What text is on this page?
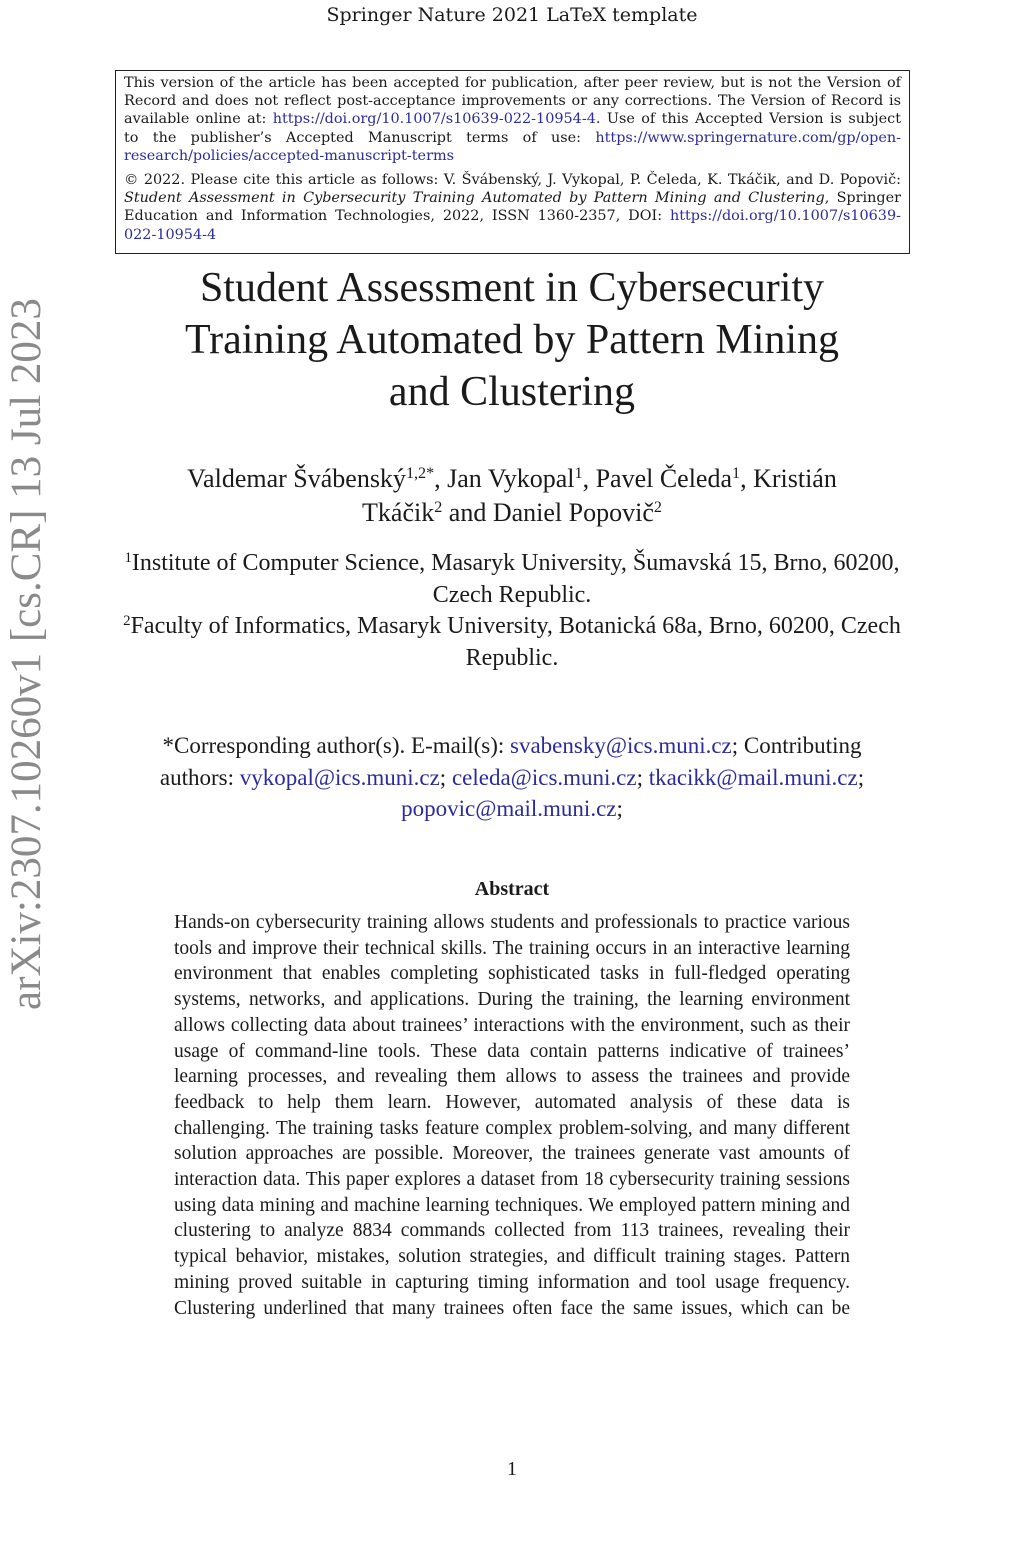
Springer Nature 2021 LaTeX template
arXiv:2307.10260v1 [cs.CR] 13 Jul 2023

This version of the article has been accepted for publication, after peer review, but is not the Version of Record and does not reflect post-acceptance improvements or any corrections. The Version of Record is available online at: https://doi.org/10.1007/s10639-022-10954-4. Use of this Accepted Version is subject to the publisher’s Accepted Manuscript terms of use: https://www.springernature.com/gp/open-research/policies/accepted-manuscript-terms

© 2022. Please cite this article as follows: V. Švábenský, J. Vykopal, P. Čeleda, K. Tkáčik, and D. Popovič: Student Assessment in Cybersecurity Training Automated by Pattern Mining and Clustering, Springer Education and Information Technologies, 2022, ISSN 1360-2357, DOI: https://doi.org/10.1007/s10639-022-10954-4

Student Assessment in Cybersecurity Training Automated by Pattern Mining and Clustering
Valdemar Švábenský$^{1,2*}$, Jan Vykopal$^1$, Pavel Čeleda$^1$, Kristián Tkáčik$^2$ and Daniel Popovič$^2$
$^1$Institute of Computer Science, Masaryk University, Šumavská 15, Brno, 60200, Czech Republic.
$^2$Faculty of Informatics, Masaryk University, Botanická 68a, Brno, 60200, Czech Republic.
*Corresponding author(s). E-mail(s): svabensky@ics.muni.cz; Contributing authors: vykopal@ics.muni.cz; celeda@ics.muni.cz; tkacikk@mail.muni.cz; popovic@mail.muni.cz;
Abstract
Hands-on cybersecurity training allows students and professionals to practice various tools and improve their technical skills. The training occurs in an interactive learning environment that enables completing sophisticated tasks in full-fledged operating systems, networks, and applications. During the training, the learning environment allows collecting data about trainees’ interactions with the environment, such as their usage of command-line tools. These data contain patterns indicative of trainees’ learning processes, and revealing them allows to assess the trainees and provide feedback to help them learn. However, automated analysis of these data is challenging. The training tasks feature complex problem-solving, and many different solution approaches are possible. Moreover, the trainees generate vast amounts of interaction data. This paper explores a dataset from 18 cybersecurity training sessions using data mining and machine learning techniques. We employed pattern mining and clustering to analyze 8834 commands collected from 113 trainees, revealing their typical behavior, mistakes, solution strategies, and difficult training stages. Pattern mining proved suitable in capturing timing information and tool usage frequency. Clustering underlined that many trainees often face the same issues, which can be
1
